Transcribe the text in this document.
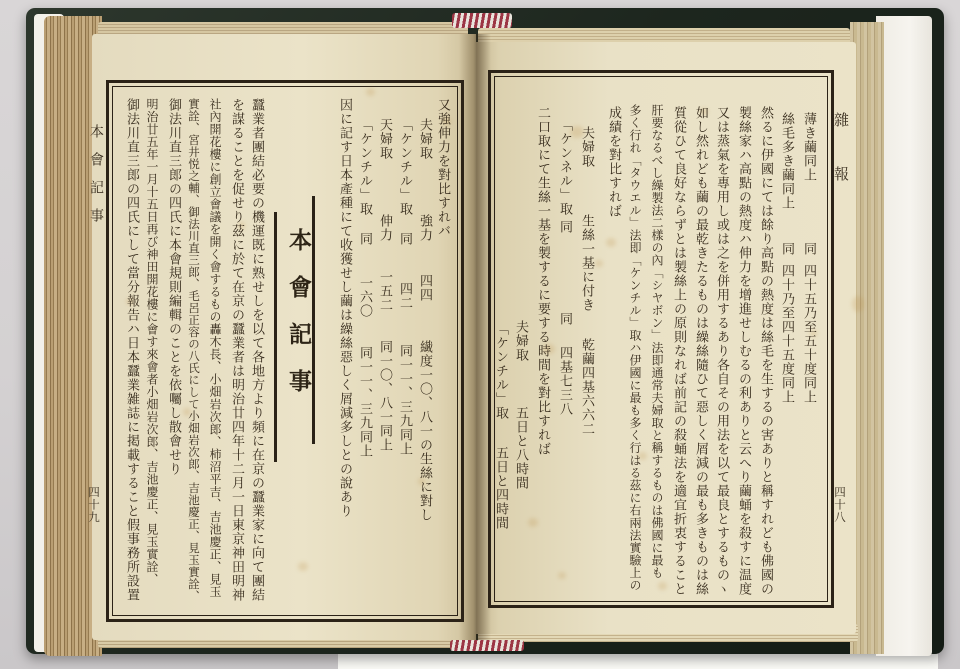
雜報
四十八
薄き繭同上同四十五乃至五十度同上
絲毛多き繭同上同四十乃至四十五度同上
然るに伊國にては餘り高點の熱度は絲毛を生するの害ありと稱すれども佛國の
製絲家ハ高點の熱度ハ伸力を增進せしむるの利ありと云へり繭蛹を殺すに温度
又は蒸氣を專用し或は之を併用するあり各自その用法を以て最良とするものヽ
如し然れども繭の最乾きたるものは繰絲隨ひて惡しく屑減の最も多きものは絲
質從ひて良好ならずとは製絲上の原則なれば前記の殺蛹法を適宜折衷すること
肝要なるべし繰製法二樣の內「シヤボン」法即通常夫婦取と稱するものは佛國に最も
多く行れ「タウエル」法即「ケンチル」取ハ伊國に最も多く行はる茲に右兩法實驗上の
成績を對比すれば
夫婦取生絲一基に付き乾繭四基六六二
「ケンネル」取同同四基七三八
二口取にて生絲一基を製するに要する時間を對比すれば
夫婦取五日と八時間
「ケンチル」取五日と四時間
本會記事
四十九
又強伸力を對比すれバ
夫婦取強力四四繊度一〇、八一の生絲に對し
「ケンチル」取同四二同一一、三九同上
天婦取伸力一五二同一〇、八一同上
「ケンチル」取同一六〇同一一、三九同上
因に記す日本產種にて收獲せし繭は繰絲惡しく屑減多しとの說あり
本會記事
蠶業者團結必要の機運既に熟せしを以て各地方より頻に在京の蠶業家に向て團結
を謀ることを促せり茲に於て在京の蠶業者は明治廿四年十二月一日東京神田明神
社內開花樓に創立會議を開く會するもの轟木長、小畑岩次郎、柿沼平吉、吉池慶正、見玉
實詮、宮井悦之輔、御法川直三郎、毛呂正容の八氏にして小畑岩次郎、吉池慶正、見玉實詮、
御法川直三郎の四氏に本會規則編輯のことを依囑し散會せり
明治廿五年一月十五日再び神田開花樓に會す來會者小畑岩次郎、吉池慶正、見玉實詮、
御法川直三郎の四氏にして當分報告ハ日本蠶業雑誌に掲載すること假事務所設置
